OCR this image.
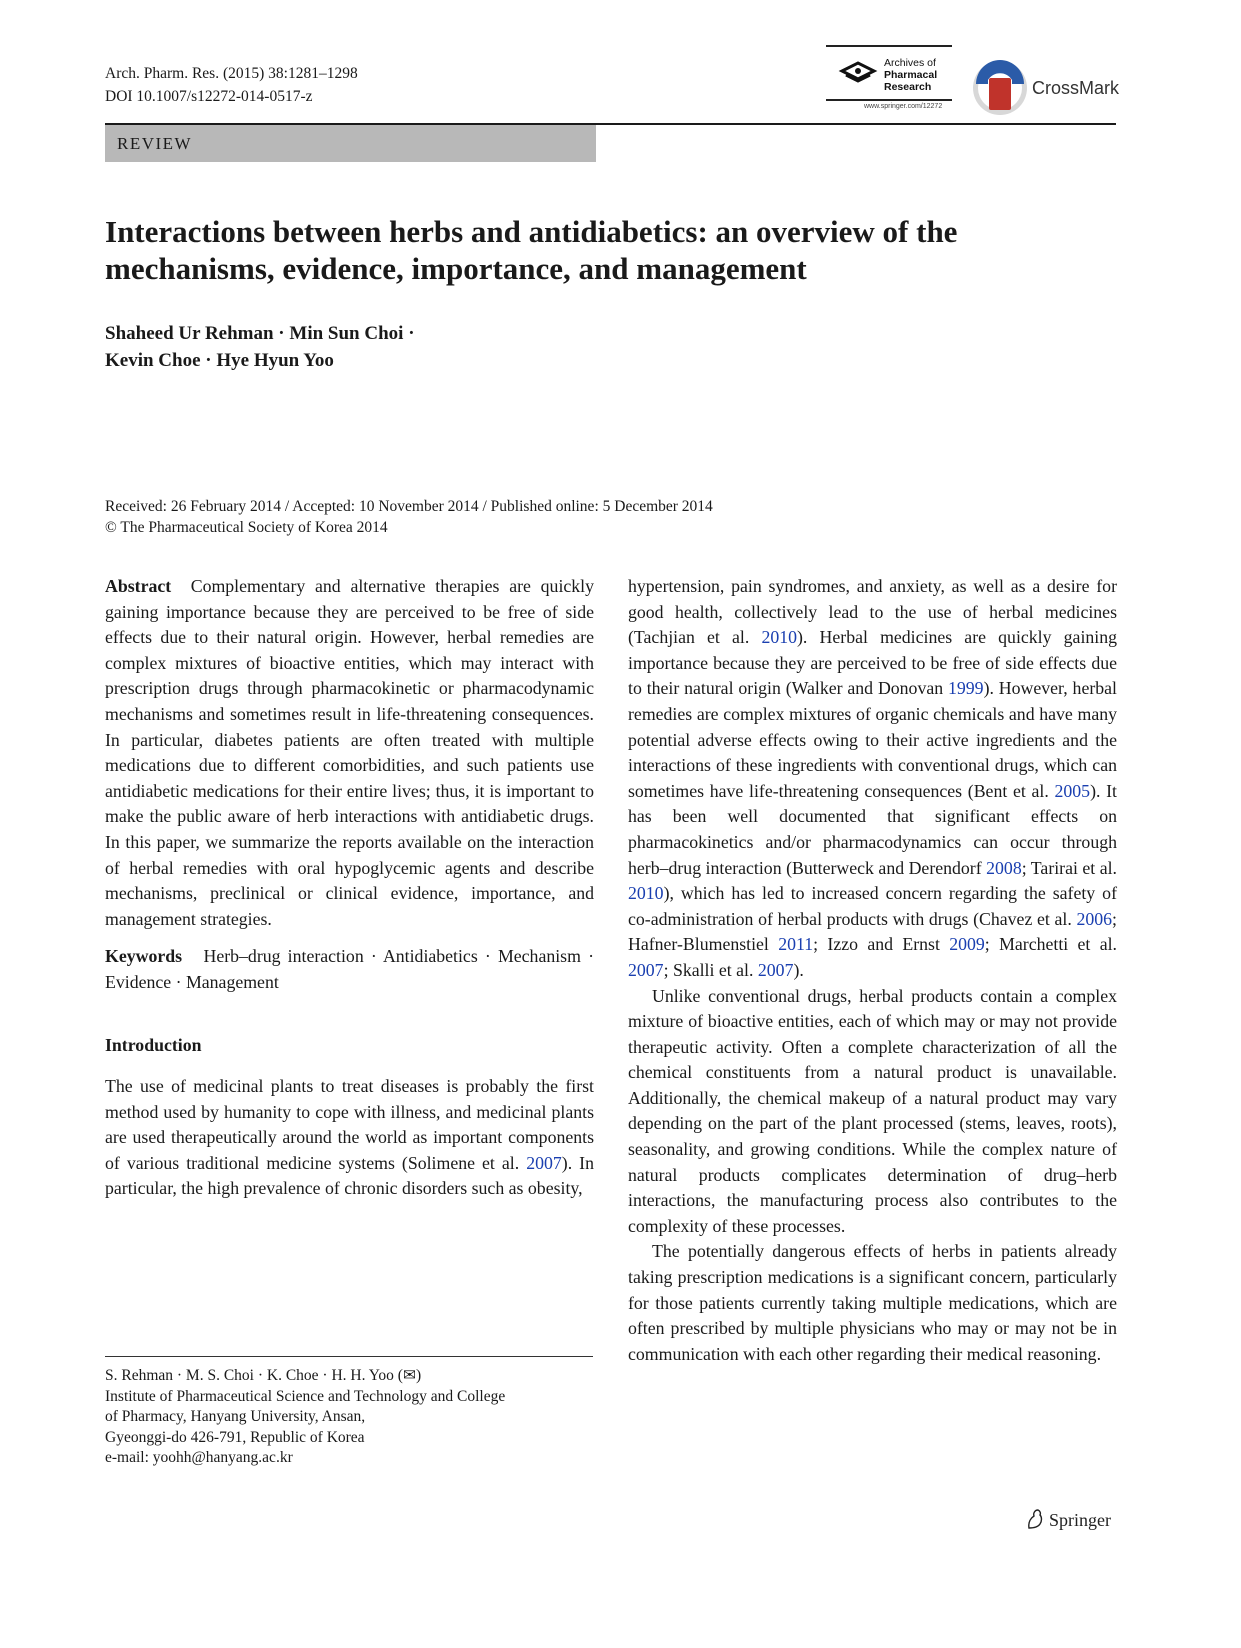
Arch. Pharm. Res. (2015) 38:1281–1298
DOI 10.1007/s12272-014-0517-z
Archives of
Pharmacal
Research
www.springer.com/12272
CrossMark
REVIEW
Interactions between herbs and antidiabetics: an overview of the mechanisms, evidence, importance, and management
Shaheed Ur Rehman · Min Sun Choi ·
Kevin Choe · Hye Hyun Yoo
Received: 26 February 2014 / Accepted: 10 November 2014 / Published online: 5 December 2014
© The Pharmaceutical Society of Korea 2014

Abstract Complementary and alternative therapies are quickly gaining importance because they are perceived to be free of side effects due to their natural origin. However, herbal remedies are complex mixtures of bioactive entities, which may interact with prescription drugs through pharmacokinetic or pharmacodynamic mechanisms and sometimes result in life-threatening consequences. In particular, diabetes patients are often treated with multiple medications due to different comorbidities, and such patients use antidiabetic medications for their entire lives; thus, it is important to make the public aware of herb interactions with antidiabetic drugs. In this paper, we summarize the reports available on the interaction of herbal remedies with oral hypoglycemic agents and describe mechanisms, preclinical or clinical evidence, importance, and management strategies.

Keywords Herb–drug interaction · Antidiabetics · Mechanism · Evidence · Management

Introduction

The use of medicinal plants to treat diseases is probably the first method used by humanity to cope with illness, and medicinal plants are used therapeutically around the world as important components of various traditional medicine systems (Solimene et al. 2007). In particular, the high prevalence of chronic disorders such as obesity,

hypertension, pain syndromes, and anxiety, as well as a desire for good health, collectively lead to the use of herbal medicines (Tachjian et al. 2010). Herbal medicines are quickly gaining importance because they are perceived to be free of side effects due to their natural origin (Walker and Donovan 1999). However, herbal remedies are complex mixtures of organic chemicals and have many potential adverse effects owing to their active ingredients and the interactions of these ingredients with conventional drugs, which can sometimes have life-threatening consequences (Bent et al. 2005). It has been well documented that significant effects on pharmacokinetics and/or pharmacodynamics can occur through herb–drug interaction (Butterweck and Derendorf 2008; Tarirai et al. 2010), which has led to increased concern regarding the safety of co-administration of herbal products with drugs (Chavez et al. 2006; Hafner-Blumenstiel 2011; Izzo and Ernst 2009; Marchetti et al. 2007; Skalli et al. 2007).

Unlike conventional drugs, herbal products contain a complex mixture of bioactive entities, each of which may or may not provide therapeutic activity. Often a complete characterization of all the chemical constituents from a natural product is unavailable. Additionally, the chemical makeup of a natural product may vary depending on the part of the plant processed (stems, leaves, roots), seasonality, and growing conditions. While the complex nature of natural products complicates determination of drug–herb interactions, the manufacturing process also contributes to the complexity of these processes.

The potentially dangerous effects of herbs in patients already taking prescription medications is a significant concern, particularly for those patients currently taking multiple medications, which are often prescribed by multiple physicians who may or may not be in communication with each other regarding their medical reasoning.

S. Rehman · M. S. Choi · K. Choe · H. H. Yoo (✉)
Institute of Pharmaceutical Science and Technology and College
of Pharmacy, Hanyang University, Ansan,
Gyeonggi-do 426-791, Republic of Korea
e-mail: yoohh@hanyang.ac.kr
Springer
